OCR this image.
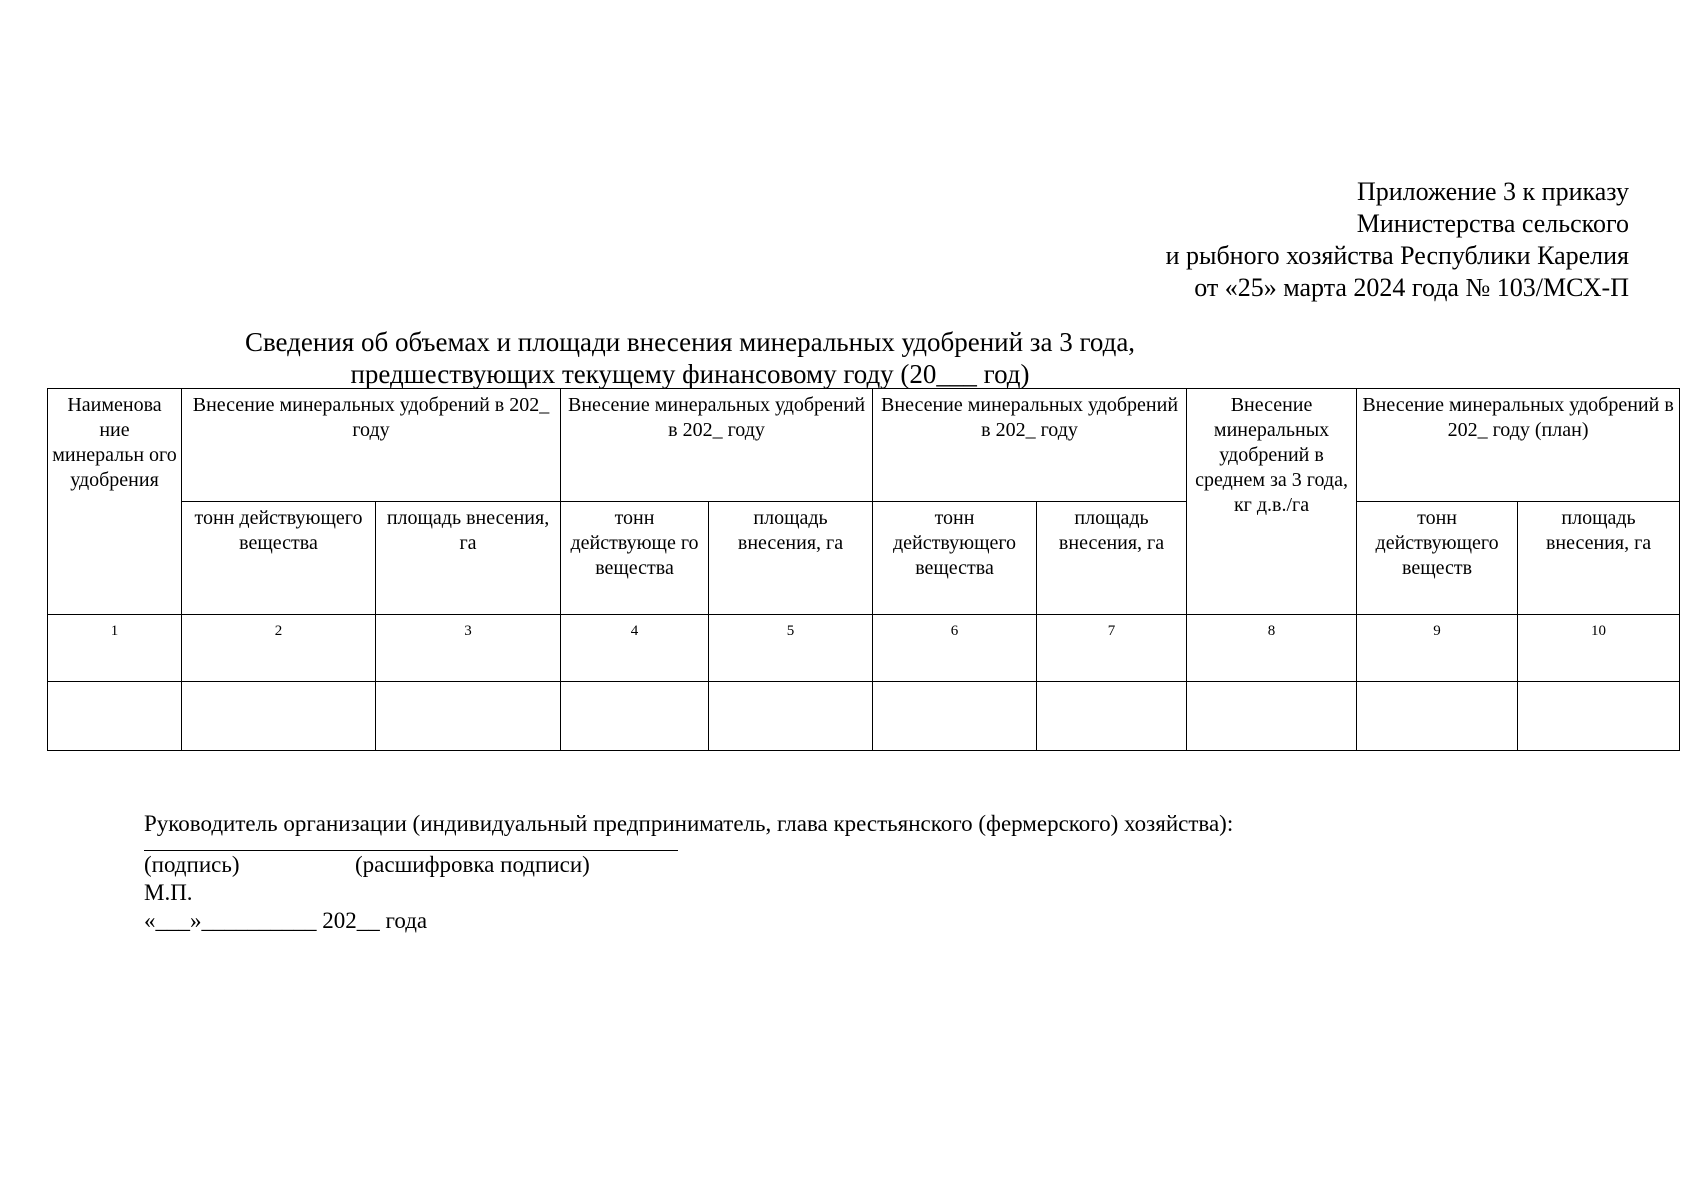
Приложение 3 к приказу
Министерства сельского
и рыбного хозяйства Республики Карелия
от «25» марта 2024 года № 103/МСХ-П
Сведения об объемах и площади внесения минеральных удобрений за 3 года,
предшествующих текущему финансовому году (20___ год)
Наименова ние минеральн ого удобрения	Внесение минеральных удобрений в 202_ году		Внесение минеральных удобрений в 202_ году		Внесение минеральных удобрений в 202_ году		Внесение минеральных удобрений в среднем за 3 года, кг д.в./га	Внесение минеральных удобрений в 202_ году (план)	
	тонн действующего вещества	площадь внесения, га	тонн действующе го вещества	площадь внесения, га	тонн действующего вещества	площадь внесения, га		тонн действующего веществ	площадь внесения, га
1	2	3	4	5	6	7	8	9	10

Руководитель организации (индивидуальный предприниматель, глава крестьянского (фермерского) хозяйства):
(подпись)	(расшифровка подписи)
М.П.
«___»__________ 202__ года
